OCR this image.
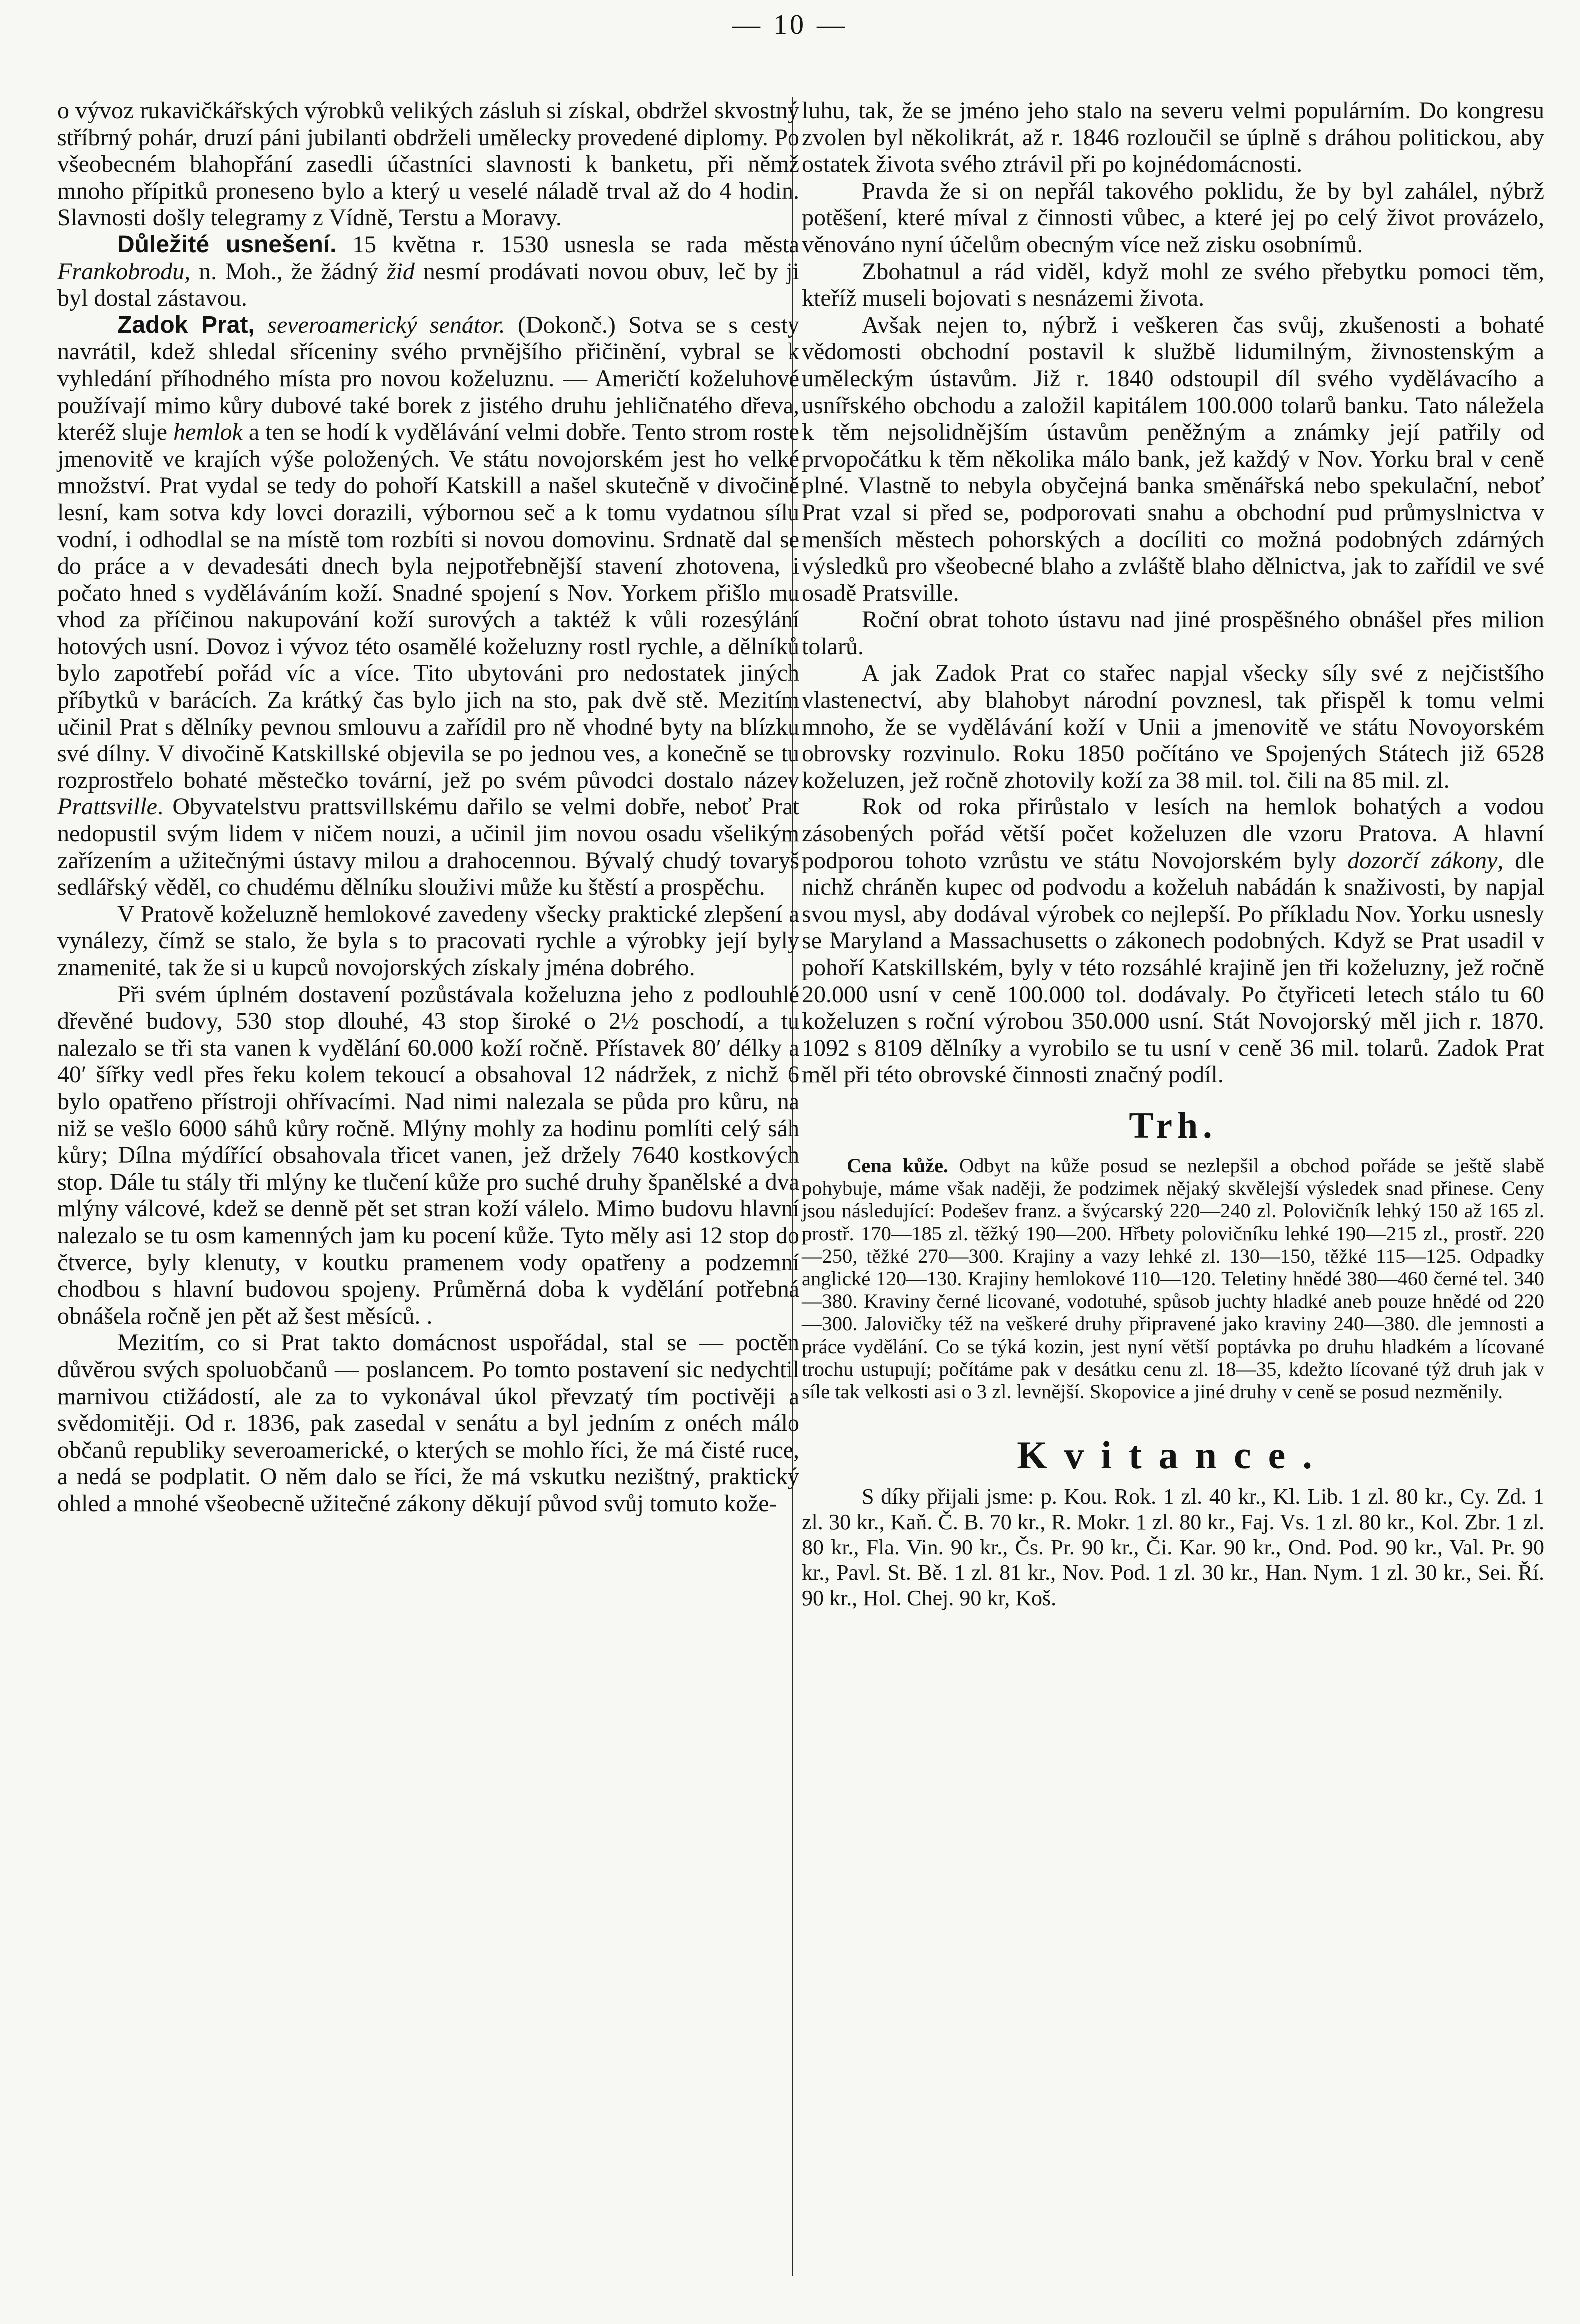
— 10 —

o vývoz rukavičkářských výrobků velikých zásluh si získal, obdržel skvostný stříbrný pohár, druzí páni jubilanti obdrželi umělecky provedené diplomy. Po všeobecném blahopřání zasedli účastníci slavnosti k banketu, při němž mnoho přípitků proneseno bylo a který u veselé náladě trval až do 4 hodin. Slavnosti došly telegramy z Vídně, Terstu a Moravy.

Důležité usnešení. 15 května r. 1530 usnesla se rada města Frankobrodu, n. Moh., že žádný žid nesmí prodávati novou obuv, leč by ji byl dostal zástavou.

Zadok Prat, severoamerický senátor. (Dokonč.) Sotva se s cesty navrátil, kdež shledal sříceniny svého prvnějšího přičinění, vybral se k vyhledání příhodného místa pro novou koželuznu. — Američtí koželuhové používají mimo kůry dubové také borek z jistého druhu jehličnatého dřeva, kteréž sluje hemlok a ten se hodí k vydělávání velmi dobře. Tento strom roste jmenovitě ve krajích výše položených. Ve státu novojorském jest ho velké množství. Prat vydal se tedy do pohoří Katskill a našel skutečně v divočině lesní, kam sotva kdy lovci dorazili, výbornou seč a k tomu vydatnou sílu vodní, i odhodlal se na místě tom rozbíti si novou domovinu. Srdnatě dal se do práce a v devadesáti dnech byla nejpotřebnější stavení zhotovena, i počato hned s vyděláváním koží. Snadné spojení s Nov. Yorkem přišlo mu vhod za příčinou nakupování koží surových a taktéž k vůli rozesýlání hotových usní. Dovoz i vývoz této osamělé koželuzny rostl rychle, a dělníků bylo zapotřebí pořád víc a více. Tito ubytováni pro nedostatek jiných příbytků v barácích. Za krátký čas bylo jich na sto, pak dvě stě. Mezitím učinil Prat s dělníky pevnou smlouvu a zařídil pro ně vhodné byty na blízku své dílny. V divočině Katskillské objevila se po jednou ves, a konečně se tu rozprostřelo bohaté městečko tovární, jež po svém původci dostalo název Prattsville. Obyvatelstvu prattsvillskému dařilo se velmi dobře, neboť Prat nedopustil svým lidem v ničem nouzi, a učinil jim novou osadu všelikým zařízením a užitečnými ústavy milou a drahocennou. Bývalý chudý tovaryš sedlářský věděl, co chudému dělníku slouživi může ku štěstí a prospěchu.

V Pratově koželuzně hemlokové zavedeny všecky praktické zlepšení a vynálezy, čímž se stalo, že byla s to pracovati rychle a výrobky její byly znamenité, tak že si u kupců novojorských získaly jména dobrého.

Při svém úplném dostavení pozůstávala koželuzna jeho z podlouhlé dřevěné budovy, 530 stop dlouhé, 43 stop široké o 2½ poschodí, a tu nalezalo se tři sta vanen k vydělání 60.000 koží ročně. Přístavek 80′ délky a 40′ šířky vedl přes řeku kolem tekoucí a obsahoval 12 nádržek, z nichž 6 bylo opatřeno přístroji ohřívacími. Nad nimi nalezala se půda pro kůru, na niž se vešlo 6000 sáhů kůry ročně. Mlýny mohly za hodinu pomlíti celý sáh kůry; Dílna mýdířící obsahovala třicet vanen, jež držely 7640 kostkových stop. Dále tu stály tři mlýny ke tlučení kůže pro suché druhy španělské a dva mlýny válcové, kdež se denně pět set stran koží válelo. Mimo budovu hlavní nalezalo se tu osm kamenných jam ku pocení kůže. Tyto měly asi 12 stop do čtverce, byly klenuty, v koutku pramenem vody opatřeny a podzemní chodbou s hlavní budovou spojeny. Průměrná doba k vydělání potřebná obnášela ročně jen pět až šest měsíců. .

Mezitím, co si Prat takto domácnost uspořádal, stal se — poctěn důvěrou svých spoluobčanů — poslancem. Po tomto postavení sic nedychtil marnivou ctižádostí, ale za to vykonával úkol převzatý tím poctivěji a svědomitěji. Od r. 1836, pak zasedal v senátu a byl jedním z onéch málo občanů republiky severoamerické, o kterých se mohlo říci, že má čisté ruce, a nedá se podplatit. O něm dalo se říci, že má vskutku nezištný, praktický ohled a mnohé všeobecně užitečné zákony děkují původ svůj tomuto kože-

luhu, tak, že se jméno jeho stalo na severu velmi populárním. Do kongresu zvolen byl několikrát, až r. 1846 rozloučil se úplně s dráhou politickou, aby ostatek života svého ztrávil při po kojnédomácnosti.

Pravda že si on nepřál takového poklidu, že by byl zahálel, nýbrž potěšení, které míval z činnosti vůbec, a které jej po celý život provázelo, věnováno nyní účelům obecným více než zisku osobnímů.

Zbohatnul a rád viděl, když mohl ze svého přebytku pomoci těm, kteříž museli bojovati s nesnázemi života.

Avšak nejen to, nýbrž i veškeren čas svůj, zkušenosti a bohaté vědomosti obchodní postavil k službě lidumilným, živnostenským a uměleckým ústavům. Již r. 1840 odstoupil díl svého vydělávacího a usnířského obchodu a založil kapitálem 100.000 tolarů banku. Tato náležela k těm nejsolidnějším ústavům peněžným a známky její patřily od prvopočátku k těm několika málo bank, jež každý v Nov. Yorku bral v ceně plné. Vlastně to nebyla obyčejná banka směnářská nebo spekulační, neboť Prat vzal si před se, podporovati snahu a obchodní pud průmyslnictva v menších městech pohorských a docíliti co možná podobných zdárných výsledků pro všeobecné blaho a zvláště blaho dělnictva, jak to zařídil ve své osadě Pratsville.

Roční obrat tohoto ústavu nad jiné prospěšného obnášel přes milion tolarů.

A jak Zadok Prat co stařec napjal všecky síly své z nejčistšího vlastenectví, aby blahobyt národní povznesl, tak přispěl k tomu velmi mnoho, že se vydělávání koží v Unii a jmenovitě ve státu Novoyorském obrovsky rozvinulo. Roku 1850 počítáno ve Spojených Státech již 6528 koželuzen, jež ročně zhotovily koží za 38 mil. tol. čili na 85 mil. zl.

Rok od roka přirůstalo v lesích na hemlok bohatých a vodou zásobených pořád větší počet koželuzen dle vzoru Pratova. A hlavní podporou tohoto vzrůstu ve státu Novojorském byly dozorčí zákony, dle nichž chráněn kupec od podvodu a koželuh nabádán k snaživosti, by napjal svou mysl, aby dodával výrobek co nejlepší. Po příkladu Nov. Yorku usnesly se Maryland a Massachusetts o zákonech podobných. Když se Prat usadil v pohoří Katskillském, byly v této rozsáhlé krajině jen tři koželuzny, jež ročně 20.000 usní v ceně 100.000 tol. dodávaly. Po čtyřiceti letech stálo tu 60 koželuzen s roční výrobou 350.000 usní. Stát Novojorský měl jich r. 1870. 1092 s 8109 dělníky a vyrobilo se tu usní v ceně 36 mil. tolarů. Zadok Prat měl při této obrovské činnosti značný podíl.

Trh.

Cena kůže. Odbyt na kůže posud se nezlepšil a obchod pořáde se ještě slabě pohybuje, máme však naději, že podzimek nějaký skvělejší výsledek snad přinese. Ceny jsou následující: Podešev franz. a švýcarský 220—240 zl. Polovičník lehký 150 až 165 zl. prostř. 170—185 zl. těžký 190—200. Hřbety polovičníku lehké 190—215 zl., prostř. 220—250, těžké 270—300. Krajiny a vazy lehké zl. 130—150, těžké 115—125. Odpadky anglické 120—130. Krajiny hemlokové 110—120. Teletiny hnědé 380—460 černé tel. 340—380. Kraviny černé licované, vodotuhé, spůsob juchty hladké aneb pouze hnědé od 220—300. Jalovičky též na veškeré druhy připravené jako kraviny 240—380. dle jemnosti a práce vydělání. Co se týká kozin, jest nyní větší poptávka po druhu hladkém a lícované trochu ustupují; počítáme pak v desátku cenu zl. 18—35, kdežto lícované týž druh jak v síle tak velkosti asi o 3 zl. levnější. Skopovice a jiné druhy v ceně se posud nezměnily.

Kvitance.

S díky přijali jsme: p. Kou. Rok. 1 zl. 40 kr., Kl. Lib. 1 zl. 80 kr., Cy. Zd. 1 zl. 30 kr., Kaň. Č. B. 70 kr., R. Mokr. 1 zl. 80 kr., Faj. Vs. 1 zl. 80 kr., Kol. Zbr. 1 zl. 80 kr., Fla. Vin. 90 kr., Čs. Pr. 90 kr., Či. Kar. 90 kr., Ond. Pod. 90 kr., Val. Pr. 90 kr., Pavl. St. Bě. 1 zl. 81 kr., Nov. Pod. 1 zl. 30 kr., Han. Nym. 1 zl. 30 kr., Sei. Ří. 90 kr., Hol. Chej. 90 kr, Koš.
